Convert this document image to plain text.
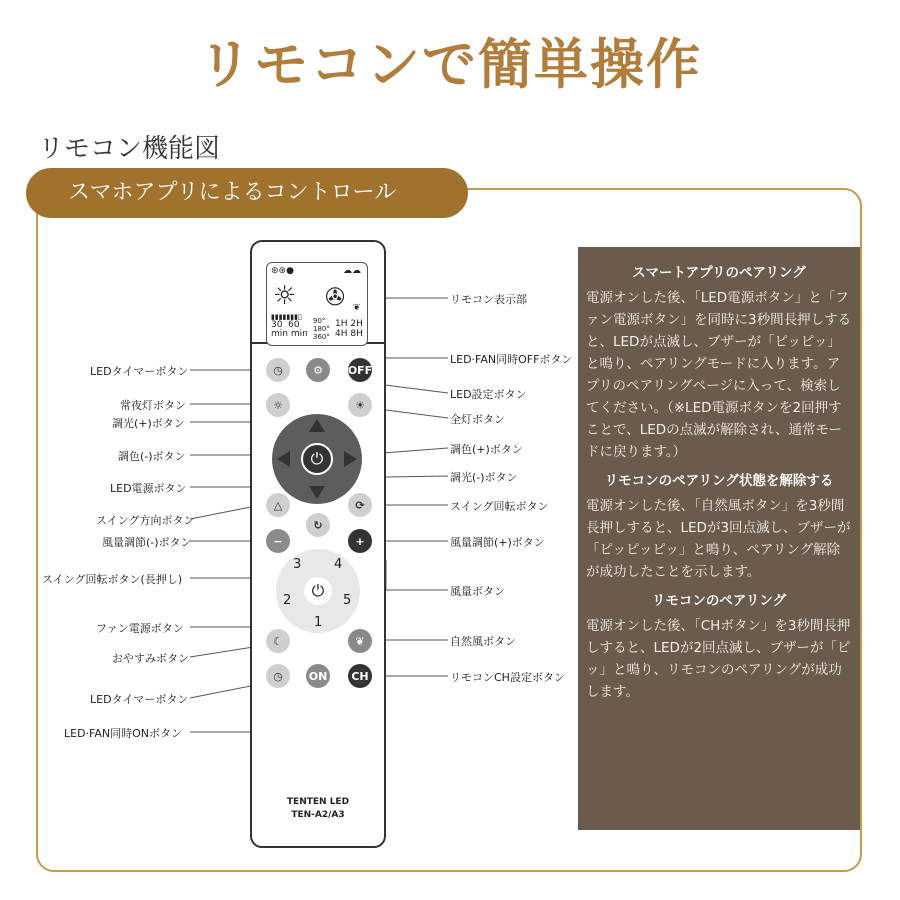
リモコンで簡単操作
リモコン機能図
スマホアプリによるコントロール
⊛⊛●	☁☁
☼ ✇ ❦
▮▮▮▮▮▮▮▯
30  60
min min
90°
180°
360°
1H 2H
4H 8H
◷	⚙ OFF
☼	☀
⏻
△	⟳
−
↻
+
⏻
3	4
2	5
1
☾	❦
◷ ON	CH
TENTEN LED
TEN-A2/A3
LEDタイマーボタン
常夜灯ボタン
調光(+)ボタン
調色(-)ボタン
LED電源ボタン
スイング方向ボタン
風量調節(-)ボタン
スイング回転ボタン(長押し)
ファン電源ボタン
おやすみボタン
LEDタイマーボタン
LED·FAN同時ONボタン
リモコン表示部
LED·FAN同時OFFボタン
LED設定ボタン
全灯ボタン
調色(+)ボタン
調光(-)ボタン
スイング回転ボタン
風量調節(+)ボタン
風量ボタン
自然風ボタン
リモコンCH設定ボタン
スマートアプリのペアリング

電源オンした後、「LED電源ボタン」と「ファン電源ボタン」を同時に3秒間長押しすると、LEDが点滅し、ブザーが「ピッピッ」と鳴り、ペアリングモードに入ります。アプリのペアリングページに入って、検索してください。（※LED電源ボタンを2回押すことで、LEDの点滅が解除され、通常モードに戻ります。）

リモコンのペアリング状態を解除する

電源オンした後、「自然風ボタン」を3秒間長押しすると、LEDが3回点滅し、ブザーが「ピッピッピッ」と鳴り、ペアリング解除が成功したことを示します。

リモコンのペアリング

電源オンした後、「CHボタン」を3秒間長押しすると、LEDが2回点滅し、ブザーが「ピッ」と鳴り、リモコンのペアリングが成功します。
